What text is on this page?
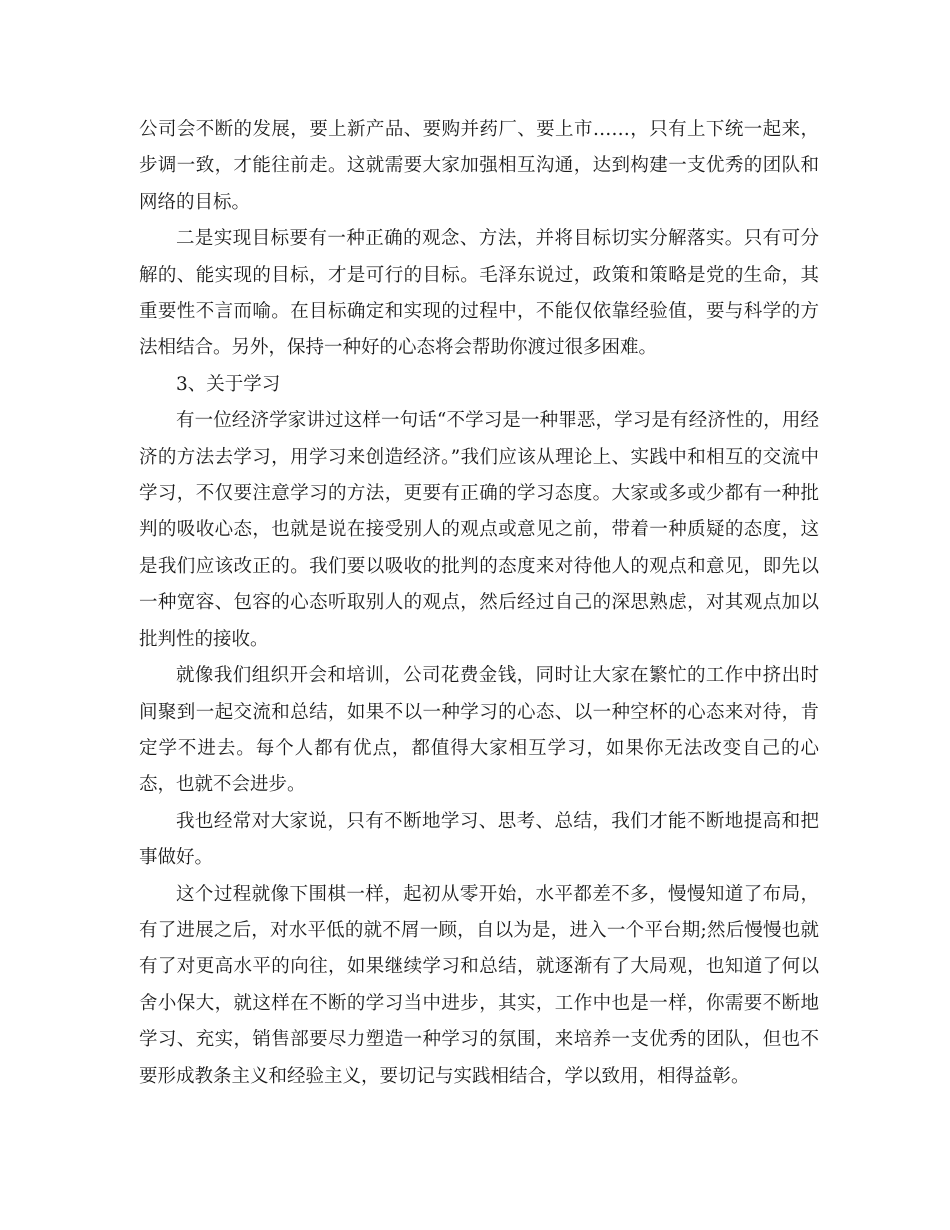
公司会不断的发展，要上新产品、要购并药厂、要上市……，只有上下统一起来，步调一致，才能往前走。这就需要大家加强相互沟通，达到构建一支优秀的团队和网络的目标。

二是实现目标要有一种正确的观念、方法，并将目标切实分解落实。只有可分解的、能实现的目标，才是可行的目标。毛泽东说过，政策和策略是党的生命，其重要性不言而喻。在目标确定和实现的过程中，不能仅依靠经验值，要与科学的方法相结合。另外，保持一种好的心态将会帮助你渡过很多困难。

3、关于学习

有一位经济学家讲过这样一句话“不学习是一种罪恶，学习是有经济性的，用经济的方法去学习，用学习来创造经济。”我们应该从理论上、实践中和相互的交流中学习，不仅要注意学习的方法，更要有正确的学习态度。大家或多或少都有一种批判的吸收心态，也就是说在接受别人的观点或意见之前，带着一种质疑的态度，这是我们应该改正的。我们要以吸收的批判的态度来对待他人的观点和意见，即先以一种宽容、包容的心态听取别人的观点，然后经过自己的深思熟虑，对其观点加以批判性的接收。

就像我们组织开会和培训，公司花费金钱，同时让大家在繁忙的工作中挤出时间聚到一起交流和总结，如果不以一种学习的心态、以一种空杯的心态来对待，肯定学不进去。每个人都有优点，都值得大家相互学习，如果你无法改变自己的心态，也就不会进步。

我也经常对大家说，只有不断地学习、思考、总结，我们才能不断地提高和把事做好。

这个过程就像下围棋一样，起初从零开始，水平都差不多，慢慢知道了布局，有了进展之后，对水平低的就不屑一顾，自以为是，进入一个平台期;然后慢慢也就有了对更高水平的向往，如果继续学习和总结，就逐渐有了大局观，也知道了何以舍小保大，就这样在不断的学习当中进步，其实，工作中也是一样，你需要不断地学习、充实，销售部要尽力塑造一种学习的氛围，来培养一支优秀的团队，但也不要形成教条主义和经验主义，要切记与实践相结合，学以致用，相得益彰。
